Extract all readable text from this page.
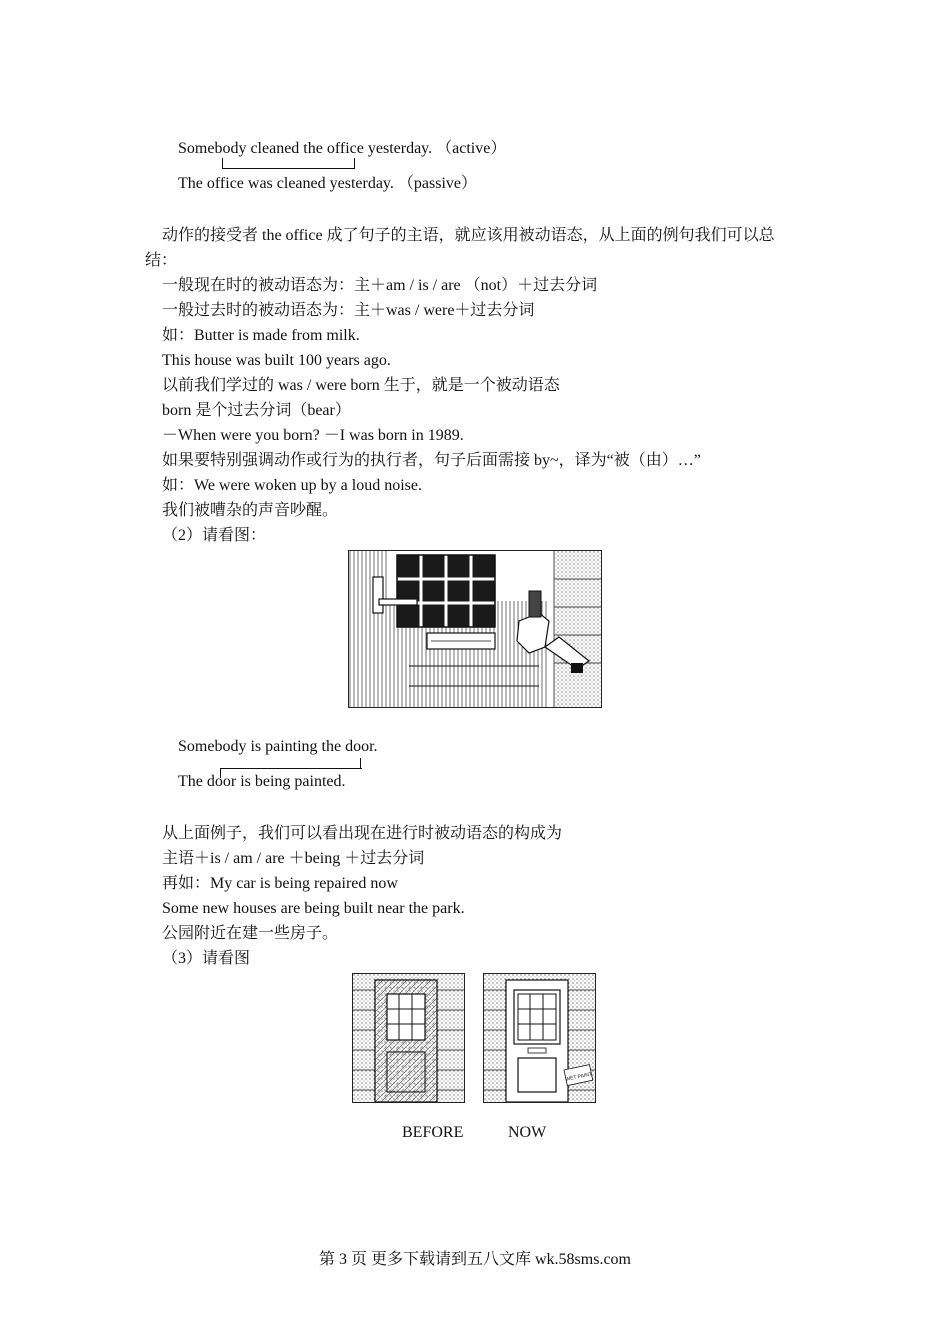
Somebody cleaned the office yesterday. （active）
The office was cleaned yesterday. （passive）
动作的接受者 the office 成了句子的主语，就应该用被动语态，从上面的例句我们可以总
结：
一般现在时的被动语态为：主＋am / is / are （not）＋过去分词
一般过去时的被动语态为：主＋was / were＋过去分词
如：Butter is made from milk.
This house was built 100 years ago.
以前我们学过的 was / were born 生于，就是一个被动语态
born 是个过去分词（bear）
－When were you born? －I was born in 1989.
如果要特别强调动作或行为的执行者，句子后面需接 by~，译为“被（由）…”
如：We were woken up by a loud noise.
我们被嘈杂的声音吵醒。
（2）请看图：
Somebody is painting the door.
The door is being painted.
从上面例子，我们可以看出现在进行时被动语态的构成为
主语＋is / am / are ＋being ＋过去分词
再如：My car is being repaired now
Some new houses are being built near the park.
公园附近在建一些房子。
（3）请看图
WET PAINT
BEFORE	NOW
第 3 页 更多下载请到五八文库 wk.58sms.com
